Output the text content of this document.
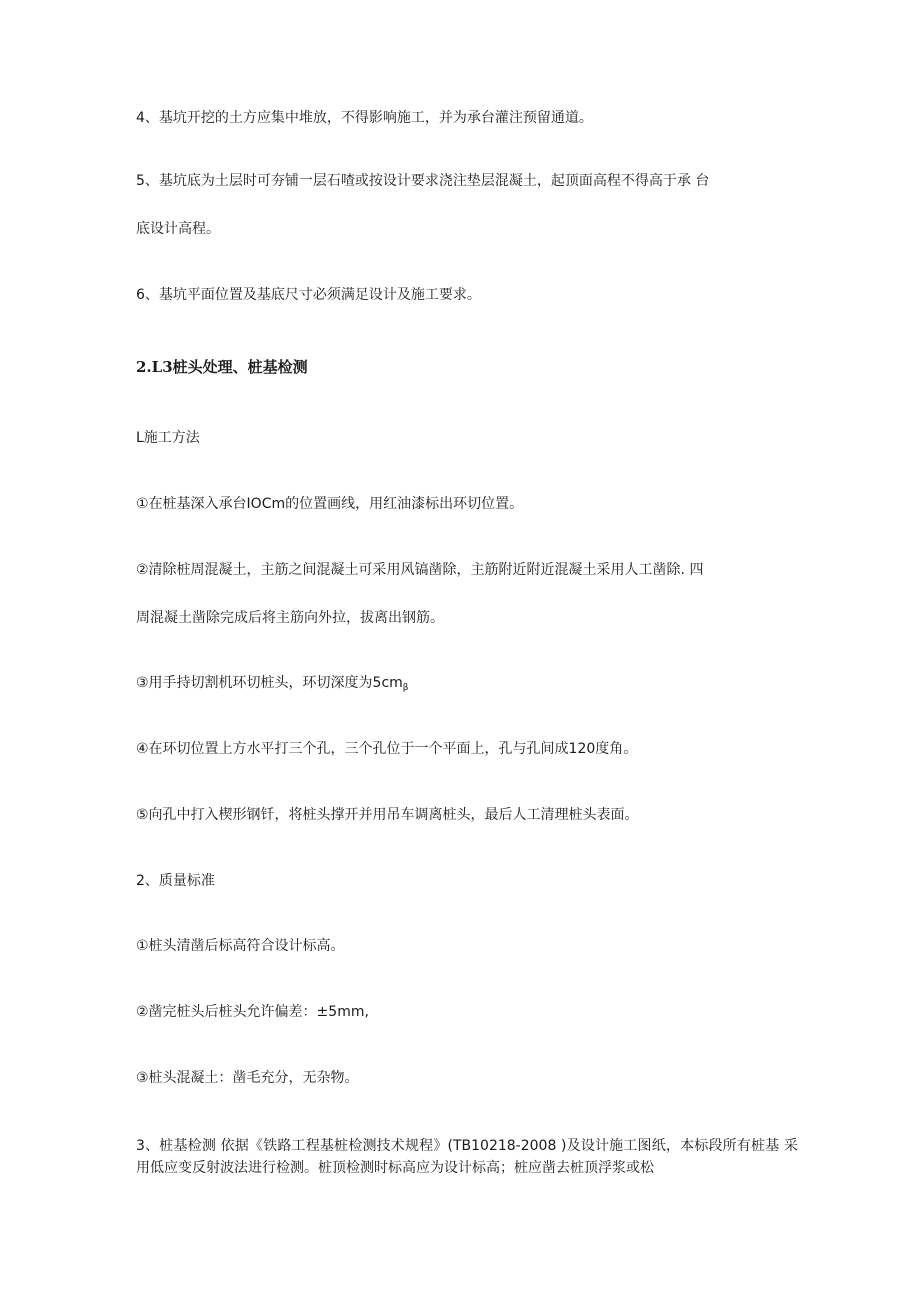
4、基坑开挖的土方应集中堆放，不得影响施工，并为承台灌注预留通道。
5、基坑底为土层时可夯铺一层石喳或按设计要求浇注垫层混凝土，起顶面高程不得高于承 台
底设计高程。
6、基坑平面位置及基底尺寸必须满足设计及施工要求。
2.L3桩头处理、桩基检测
L施工方法
①在桩基深入承台IOCm的位置画线，用红油漆标出环切位置。
②清除桩周混凝土，主筋之间混凝土可采用风镐凿除，主筋附近附近混凝土采用人工凿除. 四
周混凝土凿除完成后将主筋向外拉，拔离出钢筋。
③用手持切割机环切桩头，环切深度为$5cm_\beta$
④在环切位置上方水平打三个孔，三个孔位于一个平面上，孔与孔间成120度角。
⑤向孔中打入楔形钢钎，将桩头撑开并用吊车调离桩头，最后人工清理桩头表面。
2、质量标准
①桩头清凿后标高符合设计标高。
②凿完桩头后桩头允许偏差：±5mm,
③桩头混凝土：凿毛充分，无杂物。
3、桩基检测 依据《铁路工程基桩检测技术规程》(TB10218-2008 )及设计施工图纸，本标段所有桩基 采用低应变反射波法进行检测。桩顶检测时标高应为设计标高；桩应凿去桩顶浮浆或松
